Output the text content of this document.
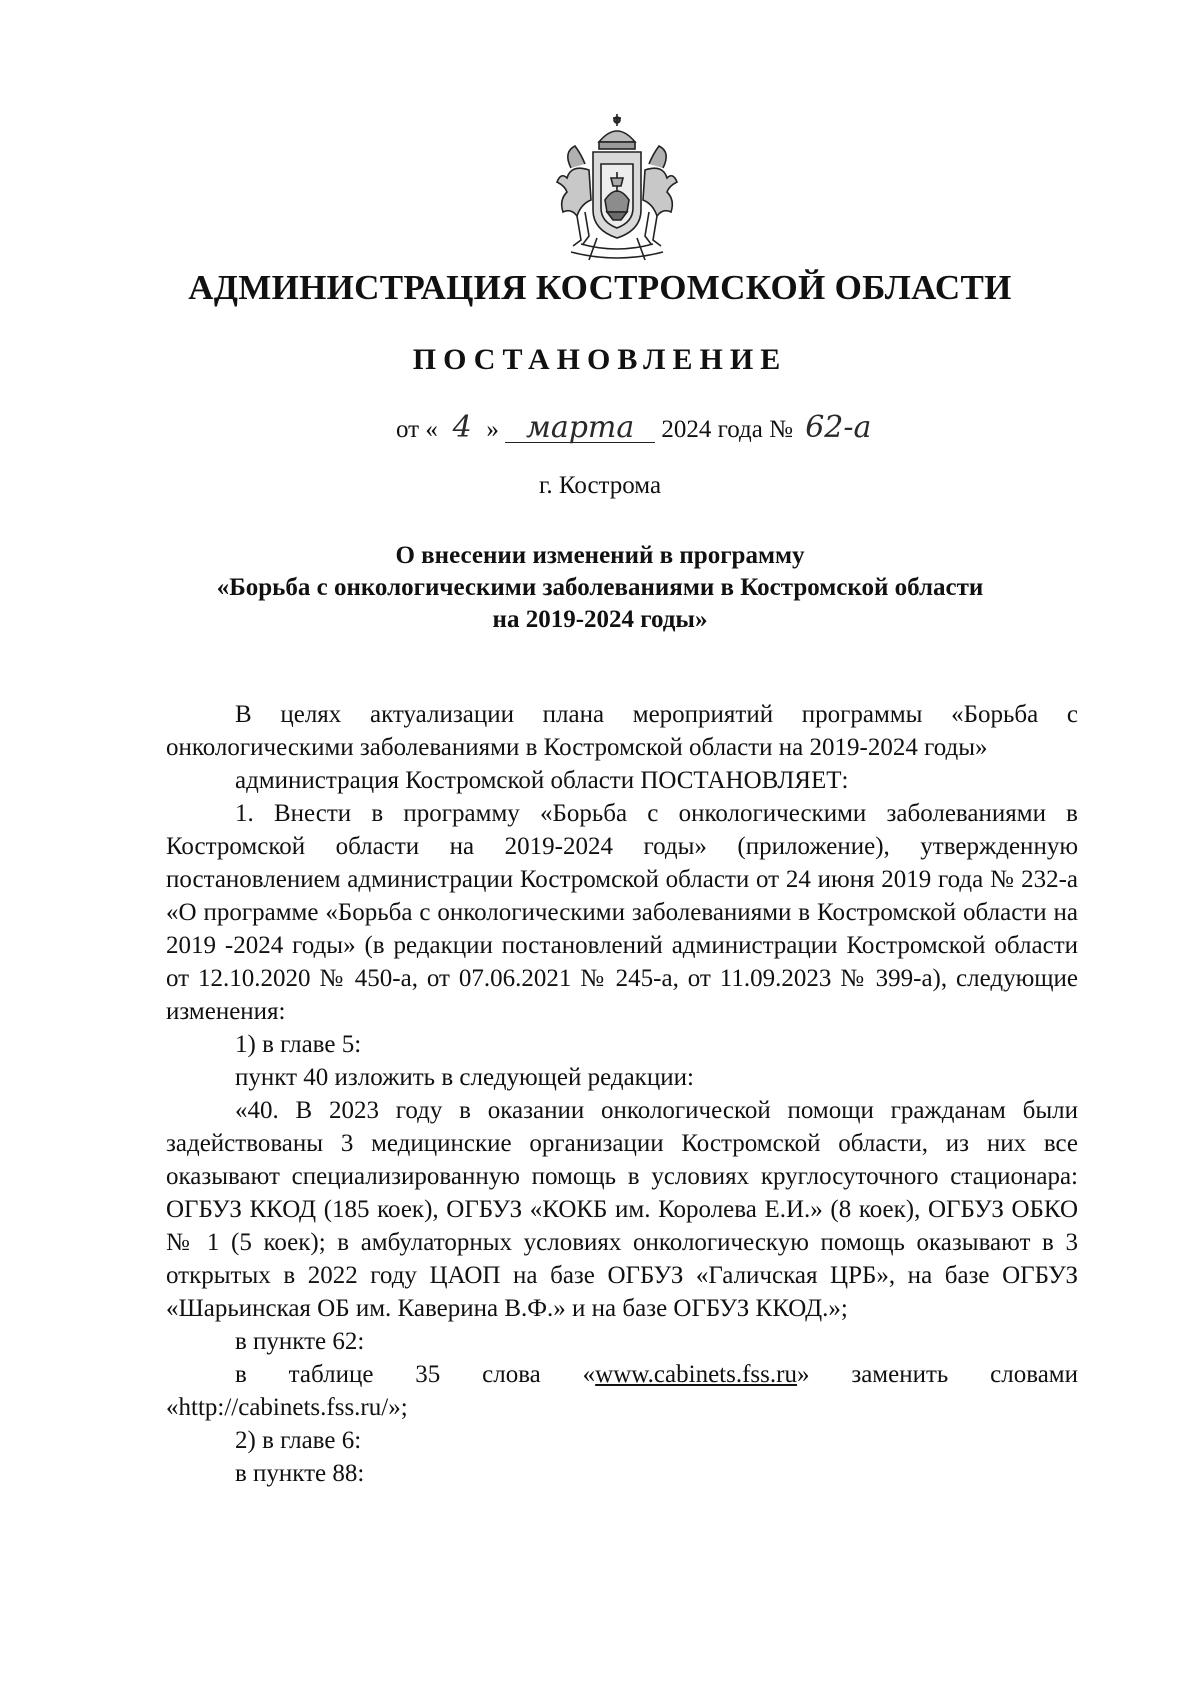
АДМИНИСТРАЦИЯ КОСТРОМСКОЙ ОБЛАСТИ
ПОСТАНОВЛЕНИЕ
от « 4 » марта 2024 года № 62-а
г. Кострома
О внесении изменений в программу
«Борьба с онкологическими заболеваниями в Костромской области
на 2019-2024 годы»

В целях актуализации плана мероприятий программы «Борьба с онкологическими заболеваниями в Костромской области на 2019-2024 годы»

администрация Костромской области ПОСТАНОВЛЯЕТ:

1. Внести в программу «Борьба с онкологическими заболеваниями в Костромской области на 2019-2024 годы» (приложение), утвержденную постановлением администрации Костромской области от 24 июня 2019 года № 232-а «О программе «Борьба с онкологическими заболеваниями в Костромской области на 2019 -2024 годы» (в редакции постановлений администрации Костромской области от 12.10.2020 № 450-а, от 07.06.2021 № 245-а, от 11.09.2023 № 399-а), следующие изменения:

1) в главе 5:

пункт 40 изложить в следующей редакции:

«40. В 2023 году в оказании онкологической помощи гражданам были задействованы 3 медицинские организации Костромской области, из них все оказывают специализированную помощь в условиях круглосуточного стационара: ОГБУЗ ККОД (185 коек), ОГБУЗ «КОКБ им. Королева Е.И.» (8 коек), ОГБУЗ ОБКО № 1 (5 коек); в амбулаторных условиях онкологическую помощь оказывают в 3 открытых в 2022 году ЦАОП на базе ОГБУЗ «Галичская ЦРБ», на базе ОГБУЗ «Шарьинская ОБ им. Каверина В.Ф.» и на базе ОГБУЗ ККОД.»;

в пункте 62:

в таблице 35 слова «www.cabinets.fss.ru» заменить словами «http://cabinets.fss.ru/»;

2) в главе 6:

в пункте 88:
